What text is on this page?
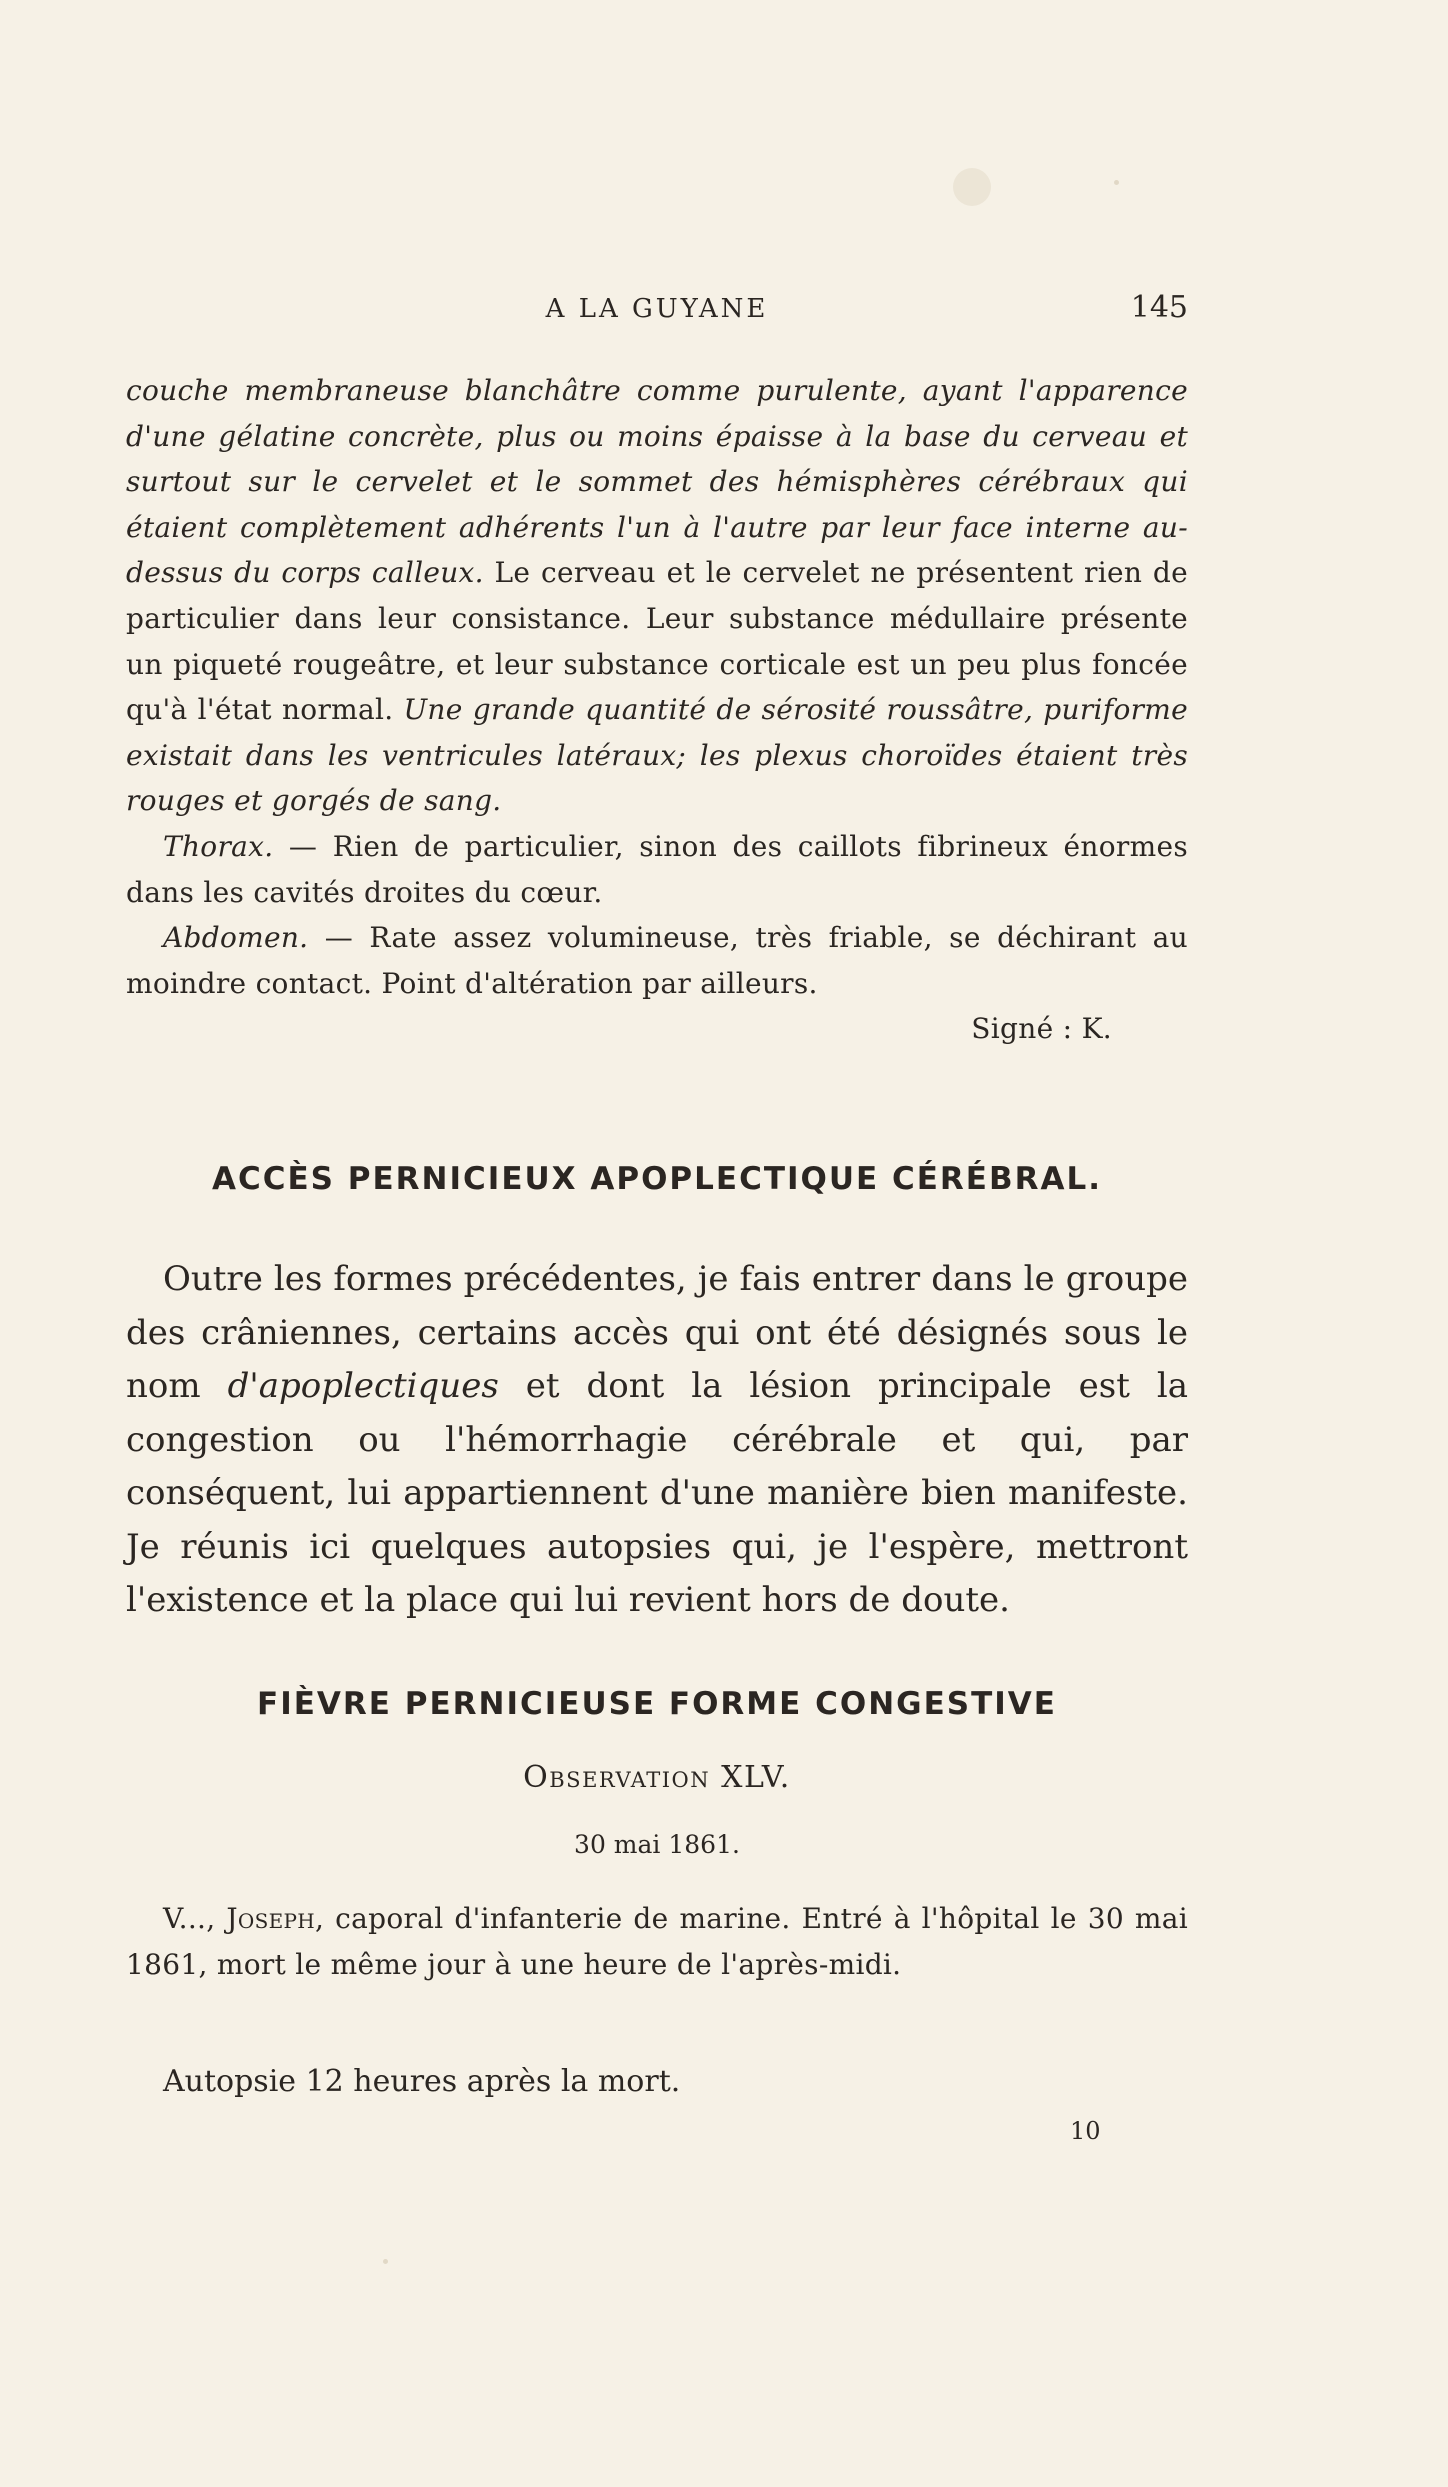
A LA GUYANE	145

couche membraneuse blanchâtre comme purulente, ayant l'apparence d'une gélatine concrète, plus ou moins épaisse à la base du cerveau et surtout sur le cervelet et le sommet des hémisphères cérébraux qui étaient complètement adhérents l'un à l'autre par leur face interne au-dessus du corps calleux. Le cerveau et le cervelet ne présentent rien de particulier dans leur consistance. Leur substance médullaire présente un piqueté rougeâtre, et leur substance corticale est un peu plus foncée qu'à l'état normal. Une grande quantité de sérosité roussâtre, puriforme existait dans les ventricules latéraux; les plexus choroïdes étaient très rouges et gorgés de sang.

Thorax. — Rien de particulier, sinon des caillots fibrineux énormes dans les cavités droites du cœur.

Abdomen. — Rate assez volumineuse, très friable, se déchirant au moindre contact. Point d'altération par ailleurs.

Signé : K.

ACCÈS PERNICIEUX APOPLECTIQUE CÉRÉBRAL.

Outre les formes précédentes, je fais entrer dans le groupe des crâniennes, certains accès qui ont été désignés sous le nom d'apoplectiques et dont la lésion principale est la congestion ou l'hémorrhagie cérébrale et qui, par conséquent, lui appartiennent d'une manière bien manifeste. Je réunis ici quelques autopsies qui, je l'espère, mettront l'existence et la place qui lui revient hors de doute.

FIÈVRE PERNICIEUSE FORME CONGESTIVE
Observation XLV.
30 mai 1861.

V..., Joseph, caporal d'infanterie de marine. Entré à l'hôpital le 30 mai 1861, mort le même jour à une heure de l'après-midi.

Autopsie 12 heures après la mort.

10
